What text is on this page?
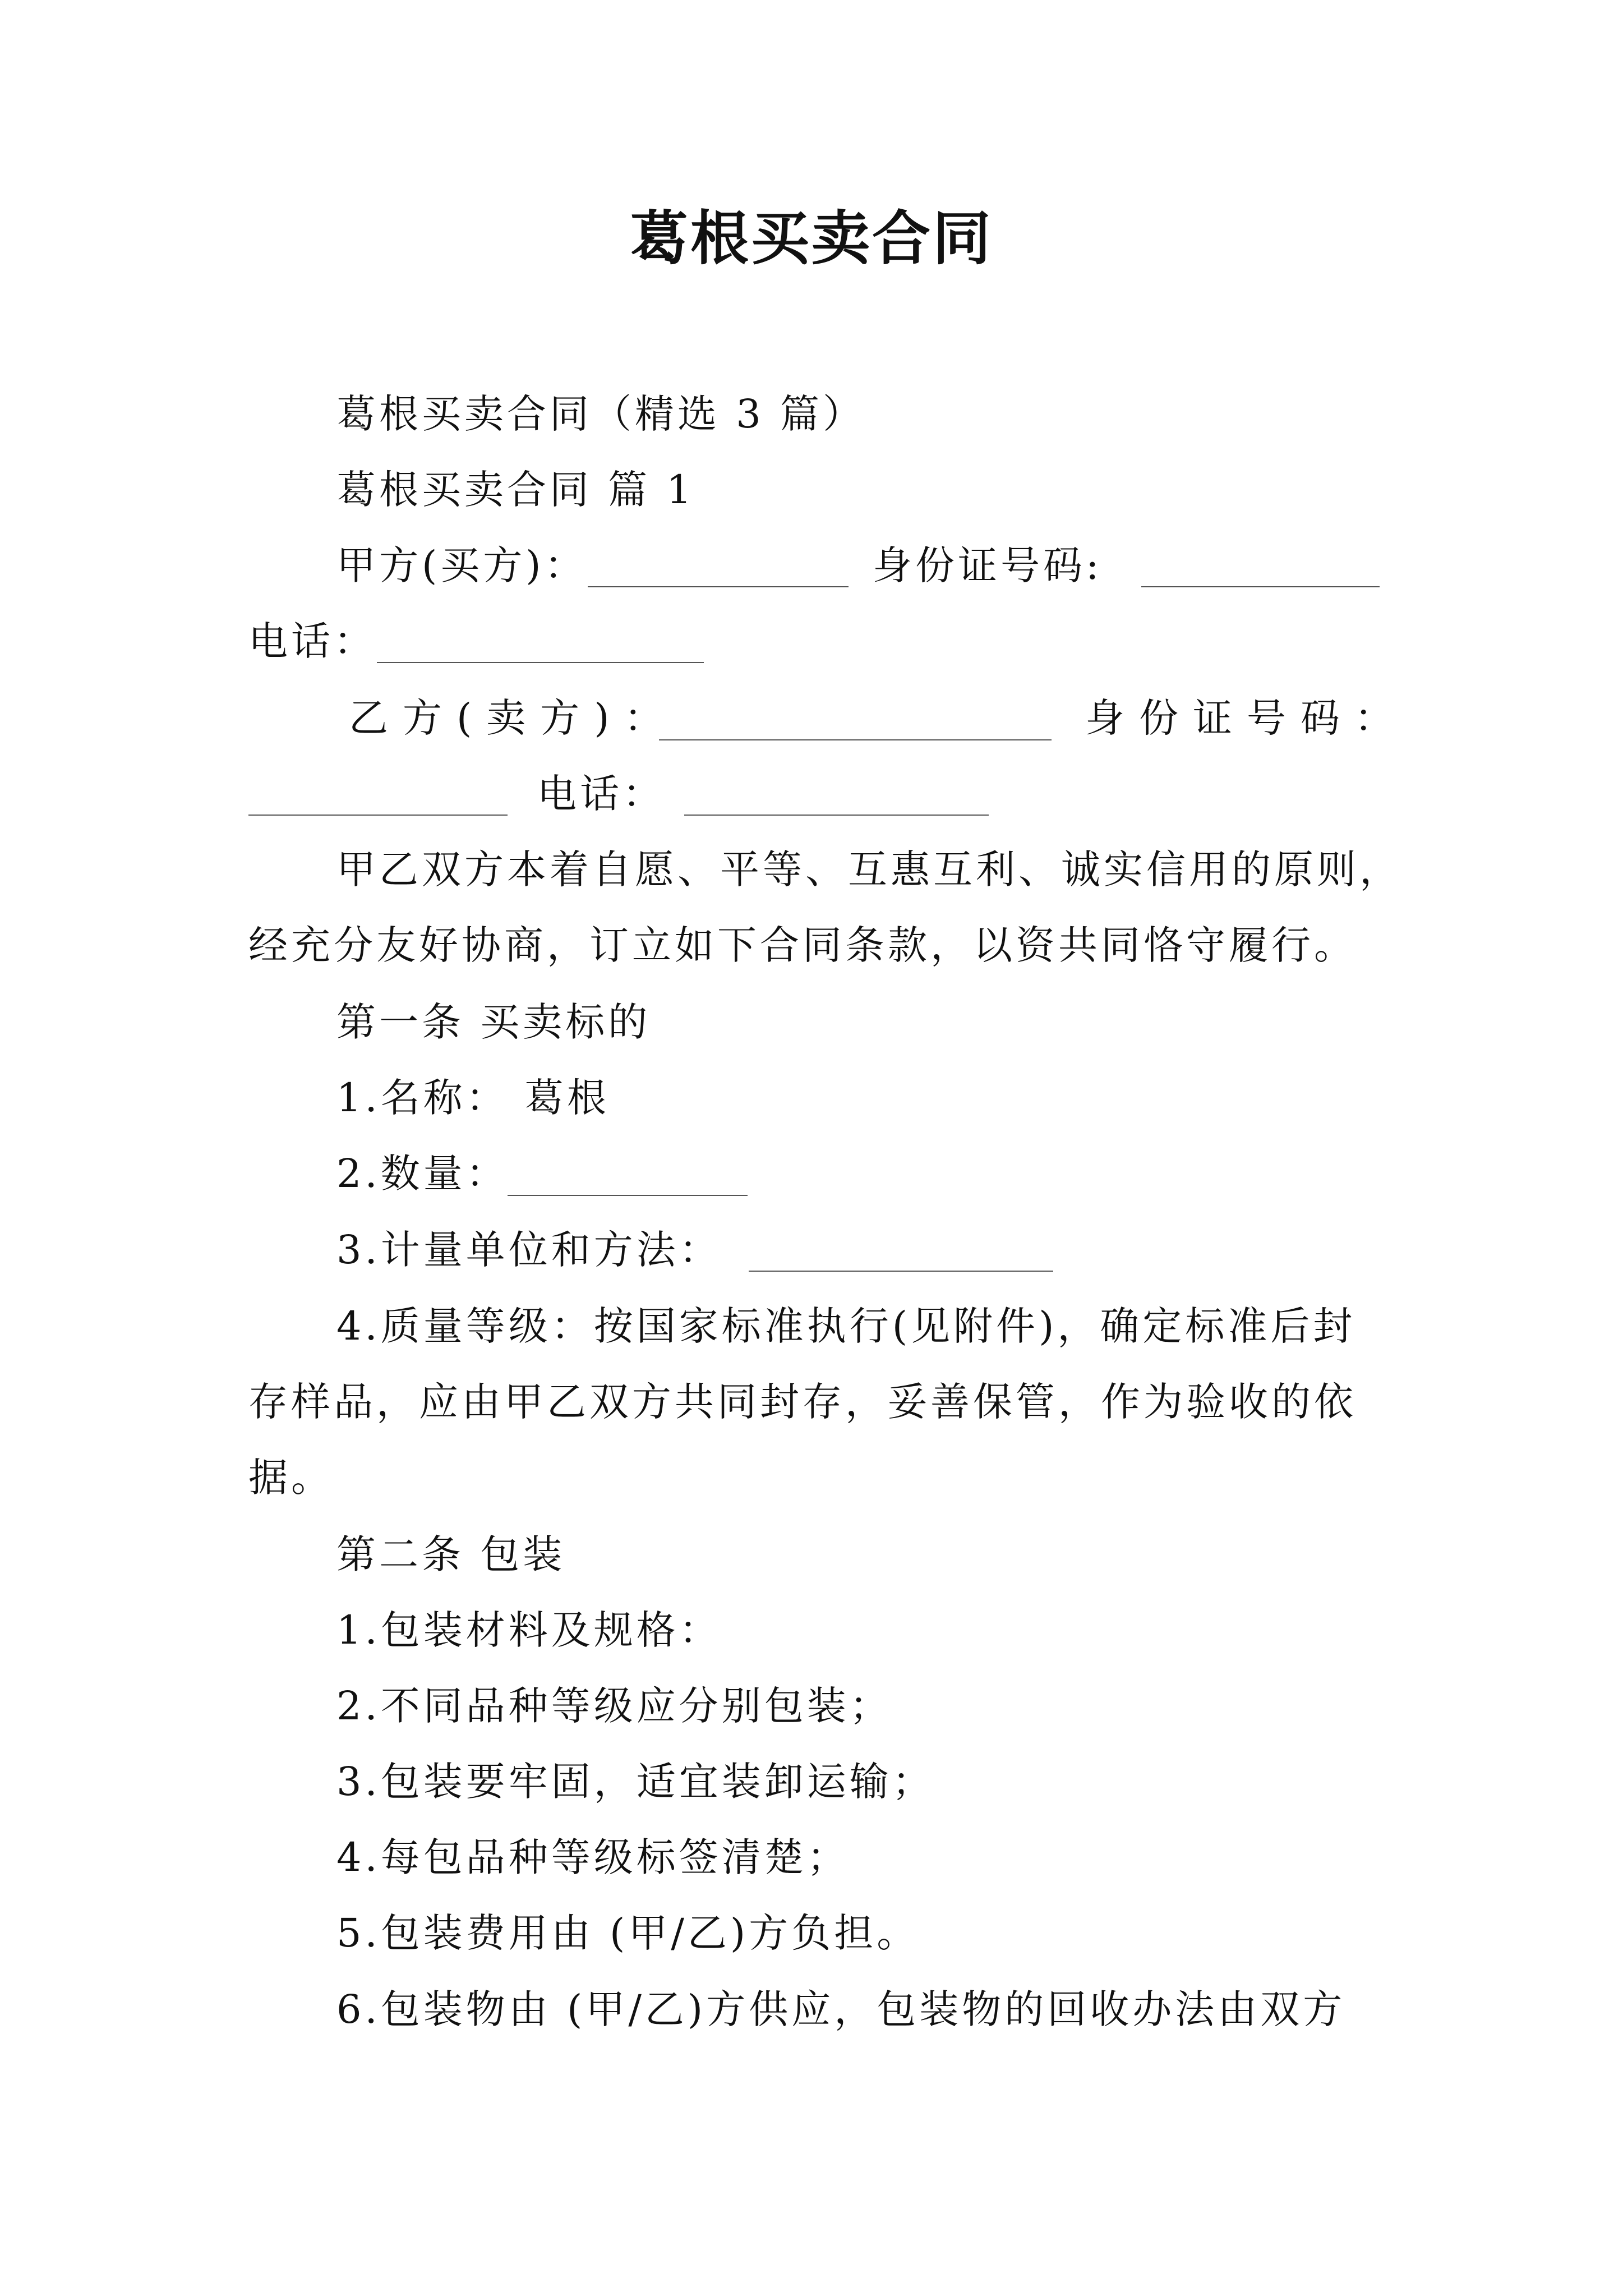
葛根买卖合同
葛根买卖合同（精选 3 篇）
葛根买卖合同 篇 1
甲方(买方)：	身份证号码:
电话：
乙方(卖方)：	身份证号码：
电话：
甲乙双方本着自愿、平等、互惠互利、诚实信用的原则，
经充分友好协商，订立如下合同条款，以资共同恪守履行。
第一条 买卖标的
1.名称： 葛根
2.数量：
3.计量单位和方法：
4.质量等级：按国家标准执行(见附件)，确定标准后封
存样品，应由甲乙双方共同封存，妥善保管，作为验收的依
据。
第二条 包装
1.包装材料及规格：
2.不同品种等级应分别包装；
3.包装要牢固，适宜装卸运输；
4.每包品种等级标签清楚；
5.包装费用由 (甲/乙)方负担。
6.包装物由 (甲/乙)方供应，包装物的回收办法由双方
